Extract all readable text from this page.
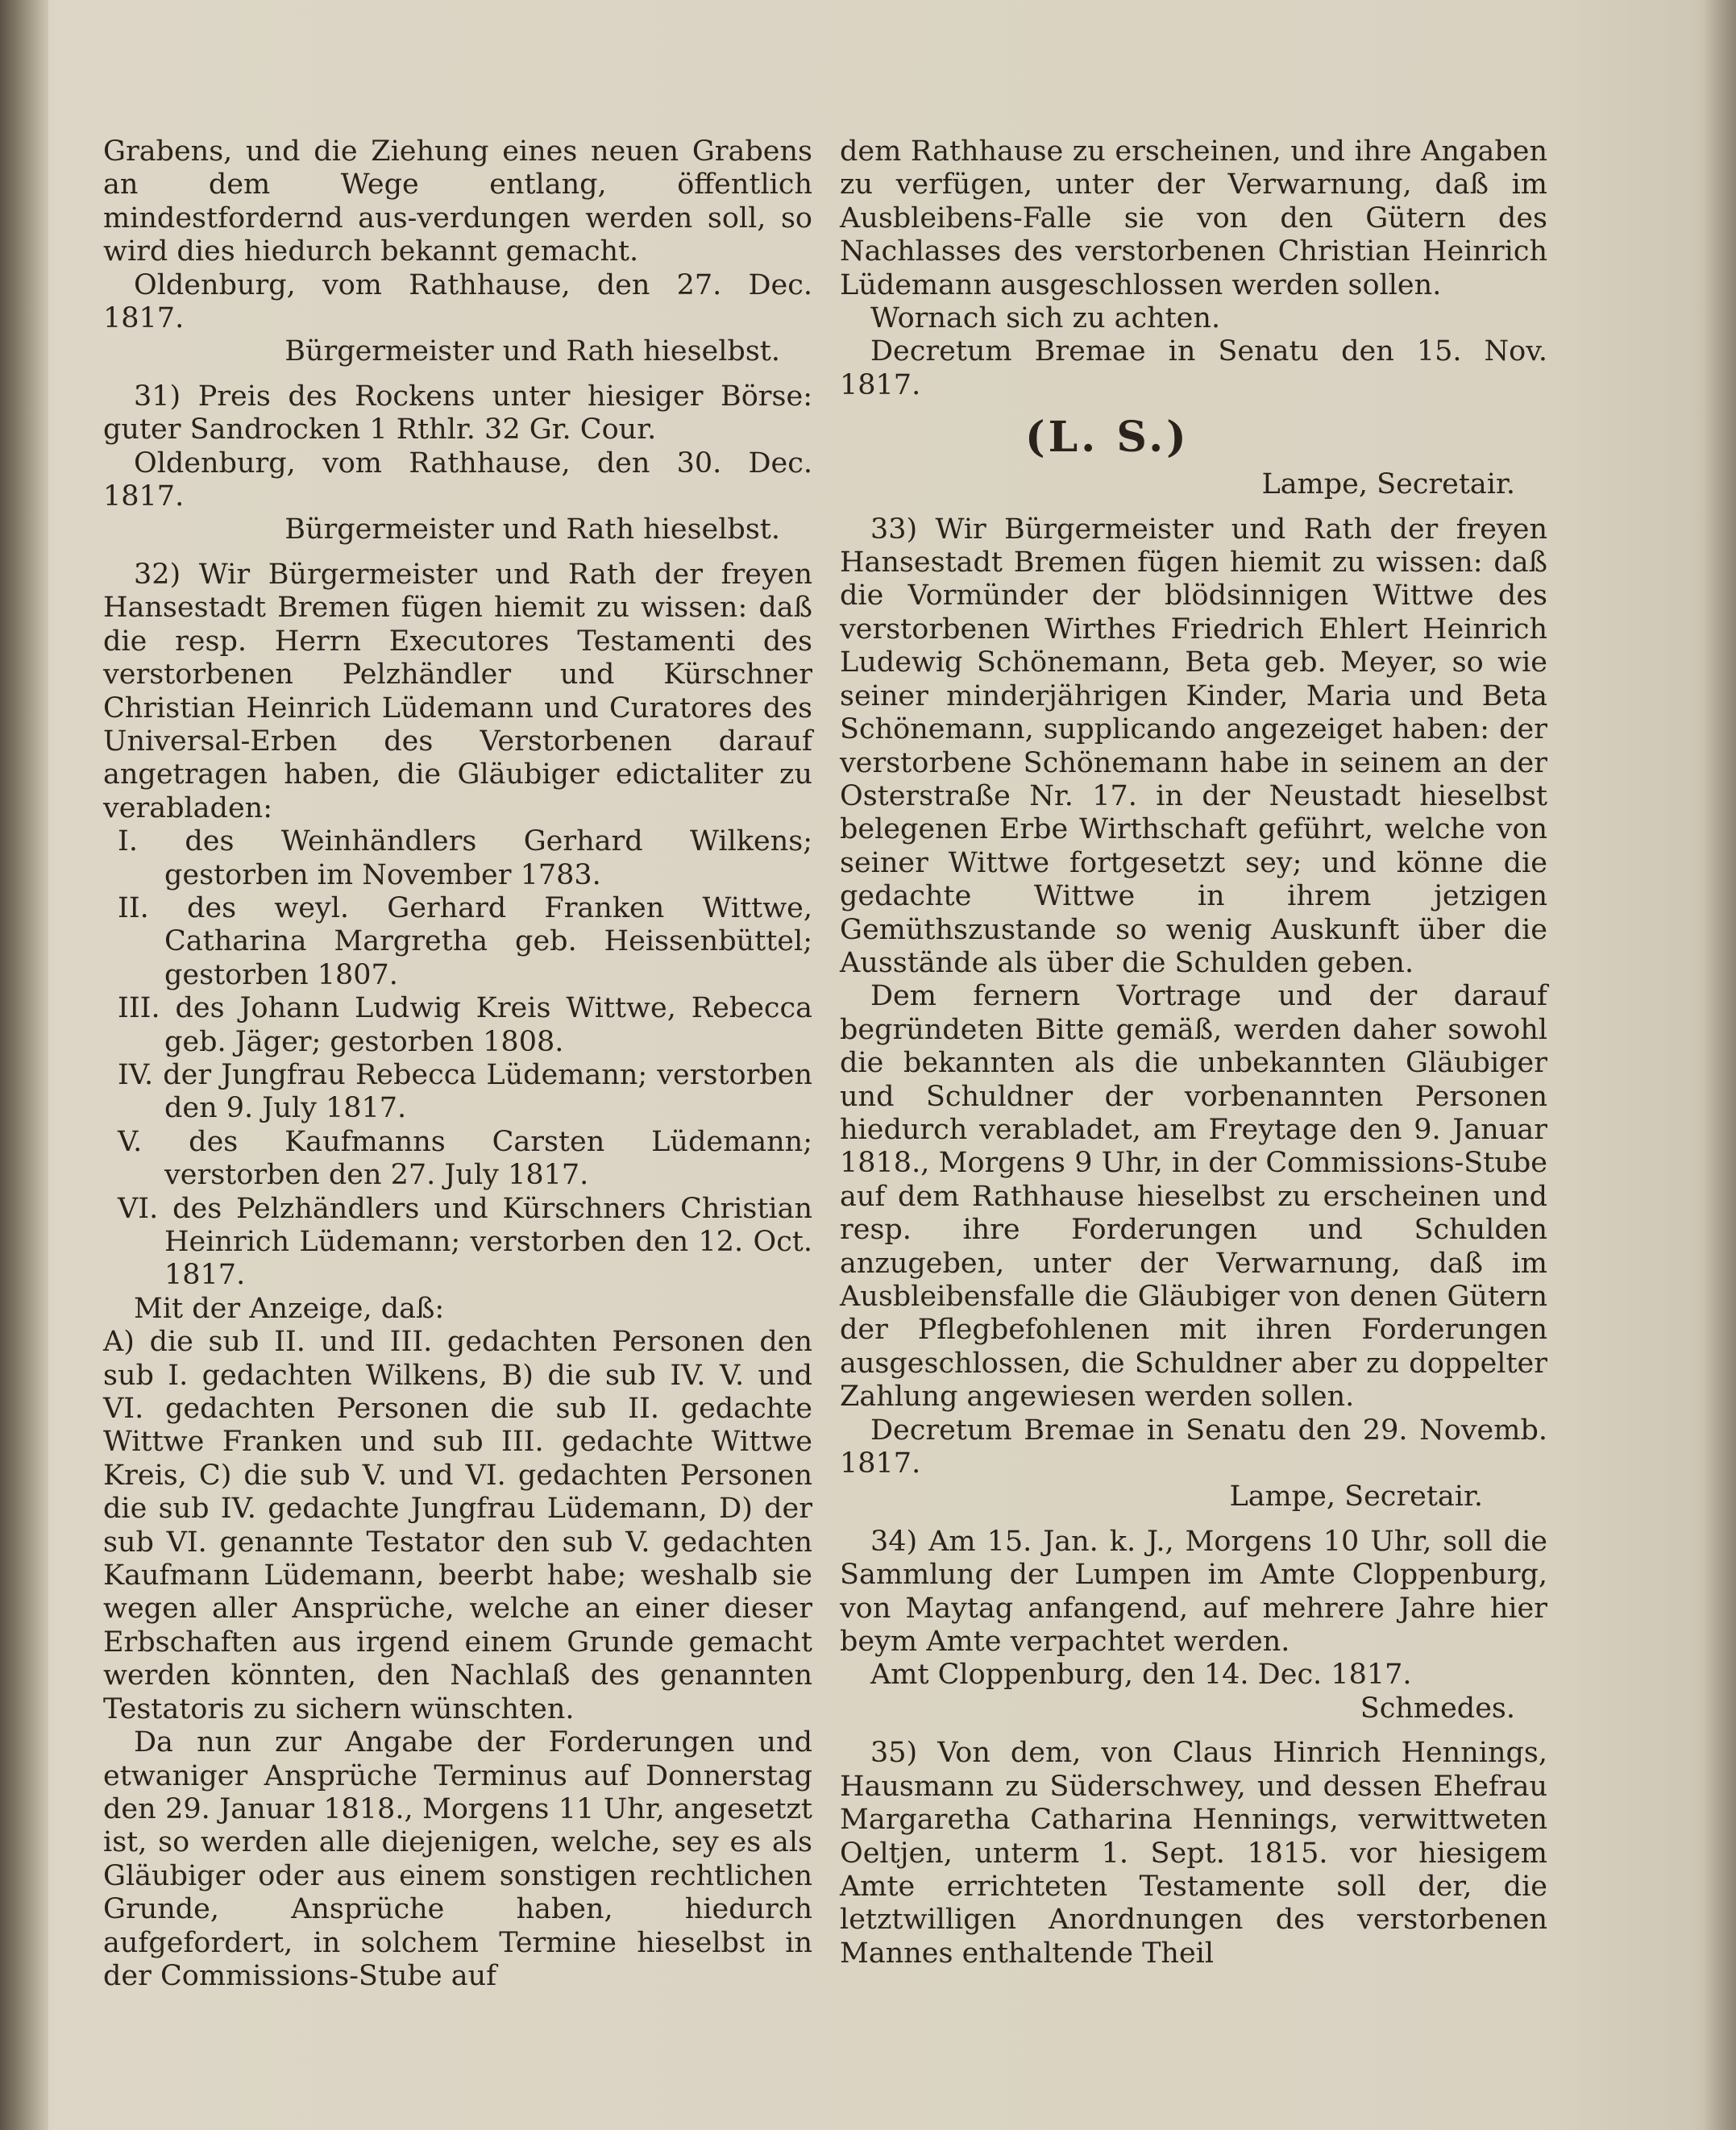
Grabens, und die Ziehung eines neuen Grabens an dem Wege entlang, öffentlich mindestfordernd aus-verdungen werden soll, so wird dies hiedurch bekannt gemacht.

Oldenburg, vom Rathhause, den 27. Dec. 1817.

Bürgermeister und Rath hieselbst.

31) Preis des Rockens unter hiesiger Börse: guter Sandrocken 1 Rthlr. 32 Gr. Cour.

Oldenburg, vom Rathhause, den 30. Dec. 1817.

Bürgermeister und Rath hieselbst.

32) Wir Bürgermeister und Rath der freyen Hansestadt Bremen fügen hiemit zu wissen: daß die resp. Herrn Executores Testamenti des verstorbenen Pelzhändler und Kürschner Christian Heinrich Lüdemann und Curatores des Universal-Erben des Verstorbenen darauf angetragen haben, die Gläubiger edictaliter zu verabladen:

I. des Weinhändlers Gerhard Wilkens; gestorben im November 1783.

II. des weyl. Gerhard Franken Wittwe, Catharina Margretha geb. Heissenbüttel; gestorben 1807.

III. des Johann Ludwig Kreis Wittwe, Rebecca geb. Jäger; gestorben 1808.

IV. der Jungfrau Rebecca Lüdemann; verstorben den 9. July 1817.

V. des Kaufmanns Carsten Lüdemann; verstorben den 27. July 1817.

VI. des Pelzhändlers und Kürschners Christian Heinrich Lüdemann; verstorben den 12. Oct. 1817.

Mit der Anzeige, daß:

A) die sub II. und III. gedachten Personen den sub I. gedachten Wilkens, B) die sub IV. V. und VI. gedachten Personen die sub II. gedachte Wittwe Franken und sub III. gedachte Wittwe Kreis, C) die sub V. und VI. gedachten Personen die sub IV. gedachte Jungfrau Lüdemann, D) der sub VI. genannte Testator den sub V. gedachten Kaufmann Lüdemann, beerbt habe; weshalb sie wegen aller Ansprüche, welche an einer dieser Erbschaften aus irgend einem Grunde gemacht werden könnten, den Nachlaß des genannten Testatoris zu sichern wünschten.

Da nun zur Angabe der Forderungen und etwaniger Ansprüche Terminus auf Donnerstag den 29. Januar 1818., Morgens 11 Uhr, angesetzt ist, so werden alle diejenigen, welche, sey es als Gläubiger oder aus einem sonstigen rechtlichen Grunde, Ansprüche haben, hiedurch aufgefordert, in solchem Termine hieselbst in der Commissions-Stube auf

dem Rathhause zu erscheinen, und ihre Angaben zu verfügen, unter der Verwarnung, daß im Ausbleibens-Falle sie von den Gütern des Nachlasses des verstorbenen Christian Heinrich Lüdemann ausgeschlossen werden sollen.

Wornach sich zu achten.

Decretum Bremae in Senatu den 15. Nov. 1817.

(L. S.)

Lampe, Secretair.

33) Wir Bürgermeister und Rath der freyen Hansestadt Bremen fügen hiemit zu wissen: daß die Vormünder der blödsinnigen Wittwe des verstorbenen Wirthes Friedrich Ehlert Heinrich Ludewig Schönemann, Beta geb. Meyer, so wie seiner minderjährigen Kinder, Maria und Beta Schönemann, supplicando angezeiget haben: der verstorbene Schönemann habe in seinem an der Osterstraße Nr. 17. in der Neustadt hieselbst belegenen Erbe Wirthschaft geführt, welche von seiner Wittwe fortgesetzt sey; und könne die gedachte Wittwe in ihrem jetzigen Gemüthszustande so wenig Auskunft über die Ausstände als über die Schulden geben.

Dem fernern Vortrage und der darauf begründeten Bitte gemäß, werden daher sowohl die bekannten als die unbekannten Gläubiger und Schuldner der vorbenannten Personen hiedurch verabladet, am Freytage den 9. Januar 1818., Morgens 9 Uhr, in der Commissions-Stube auf dem Rathhause hieselbst zu erscheinen und resp. ihre Forderungen und Schulden anzugeben, unter der Verwarnung, daß im Ausbleibensfalle die Gläubiger von denen Gütern der Pflegbefohlenen mit ihren Forderungen ausgeschlossen, die Schuldner aber zu doppelter Zahlung angewiesen werden sollen.

Decretum Bremae in Senatu den 29. Novemb. 1817.

Lampe, Secretair.

34) Am 15. Jan. k. J., Morgens 10 Uhr, soll die Sammlung der Lumpen im Amte Cloppenburg, von Maytag anfangend, auf mehrere Jahre hier beym Amte verpachtet werden.

Amt Cloppenburg, den 14. Dec. 1817.

Schmedes.

35) Von dem, von Claus Hinrich Hennings, Hausmann zu Süderschwey, und dessen Ehefrau Margaretha Catharina Hennings, verwittweten Oeltjen, unterm 1. Sept. 1815. vor hiesigem Amte errichteten Testamente soll der, die letztwilligen Anordnungen des verstorbenen Mannes enthaltende Theil
